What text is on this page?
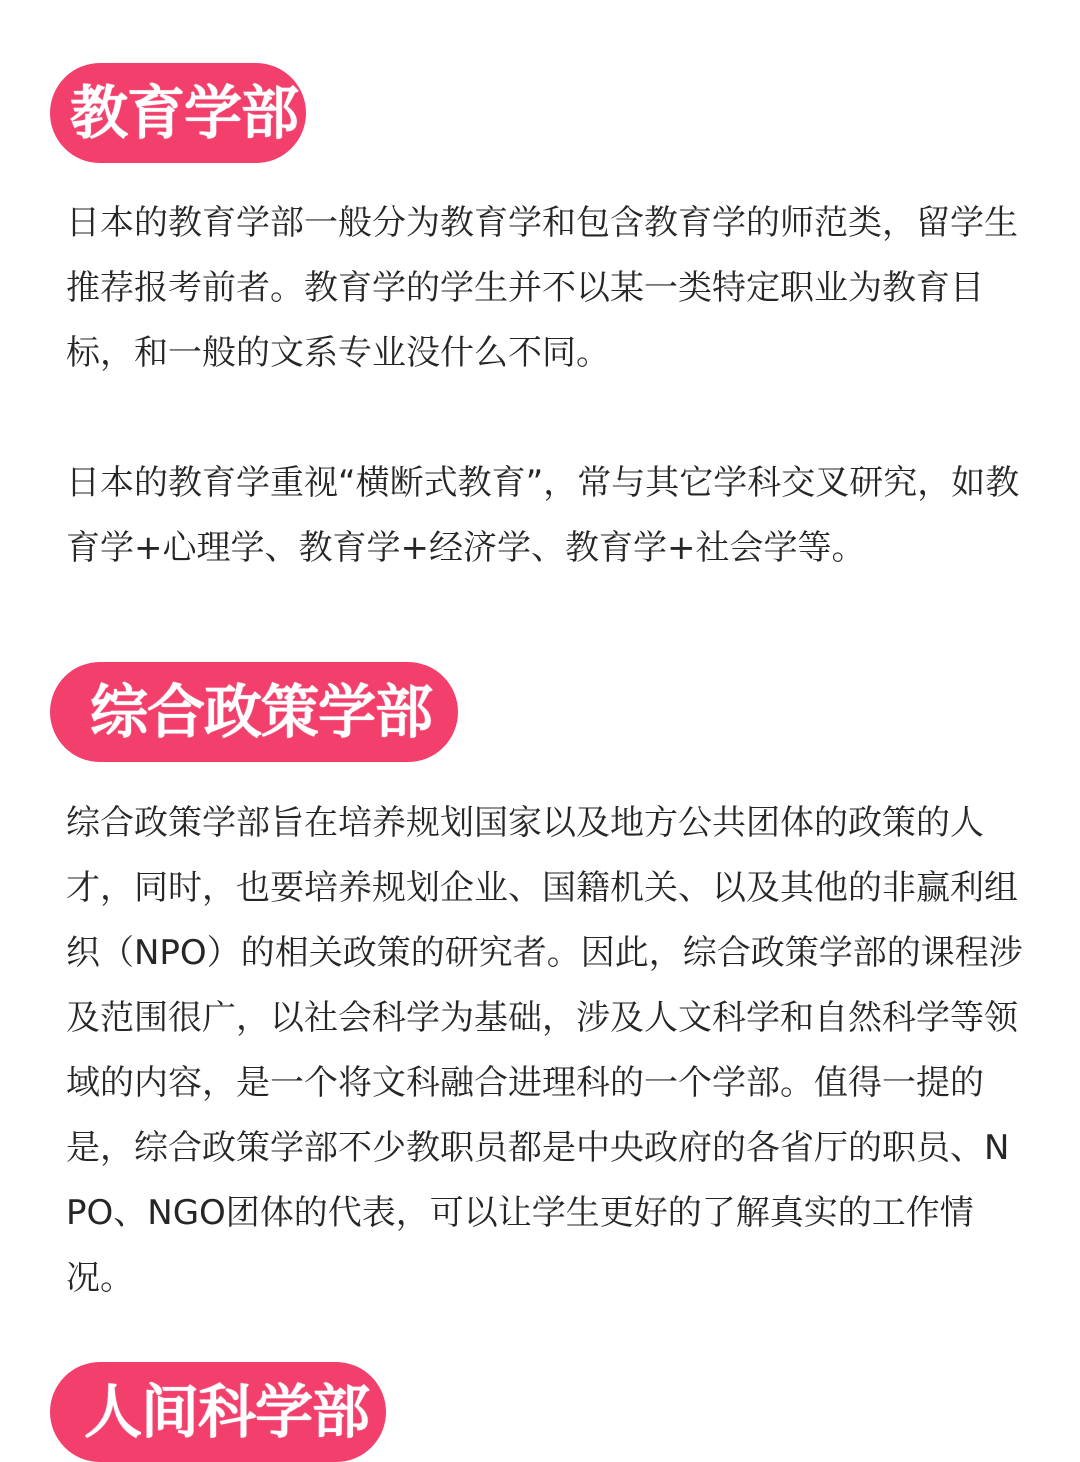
教育学部
日本的教育学部一般分为教育学和包含教育学的师范类，留学生推荐报考前者。教育学的学生并不以某一类特定职业为教育目标，和一般的文系专业没什么不同。
日本的教育学重视“横断式教育”，常与其它学科交叉研究，如教育学+心理学、教育学+经济学、教育学+社会学等。
综合政策学部
综合政策学部旨在培养规划国家以及地方公共团体的政策的人才，同时，也要培养规划企业、国籍机关、以及其他的非赢利组织（NPO）的相关政策的研究者。因此，综合政策学部的课程涉及范围很广，以社会科学为基础，涉及人文科学和自然科学等领域的内容，是一个将文科融合进理科的一个学部。值得一提的是，综合政策学部不少教职员都是中央政府的各省厅的职员、NPO、NGO团体的代表，可以让学生更好的了解真实的工作情况。
人间科学部
